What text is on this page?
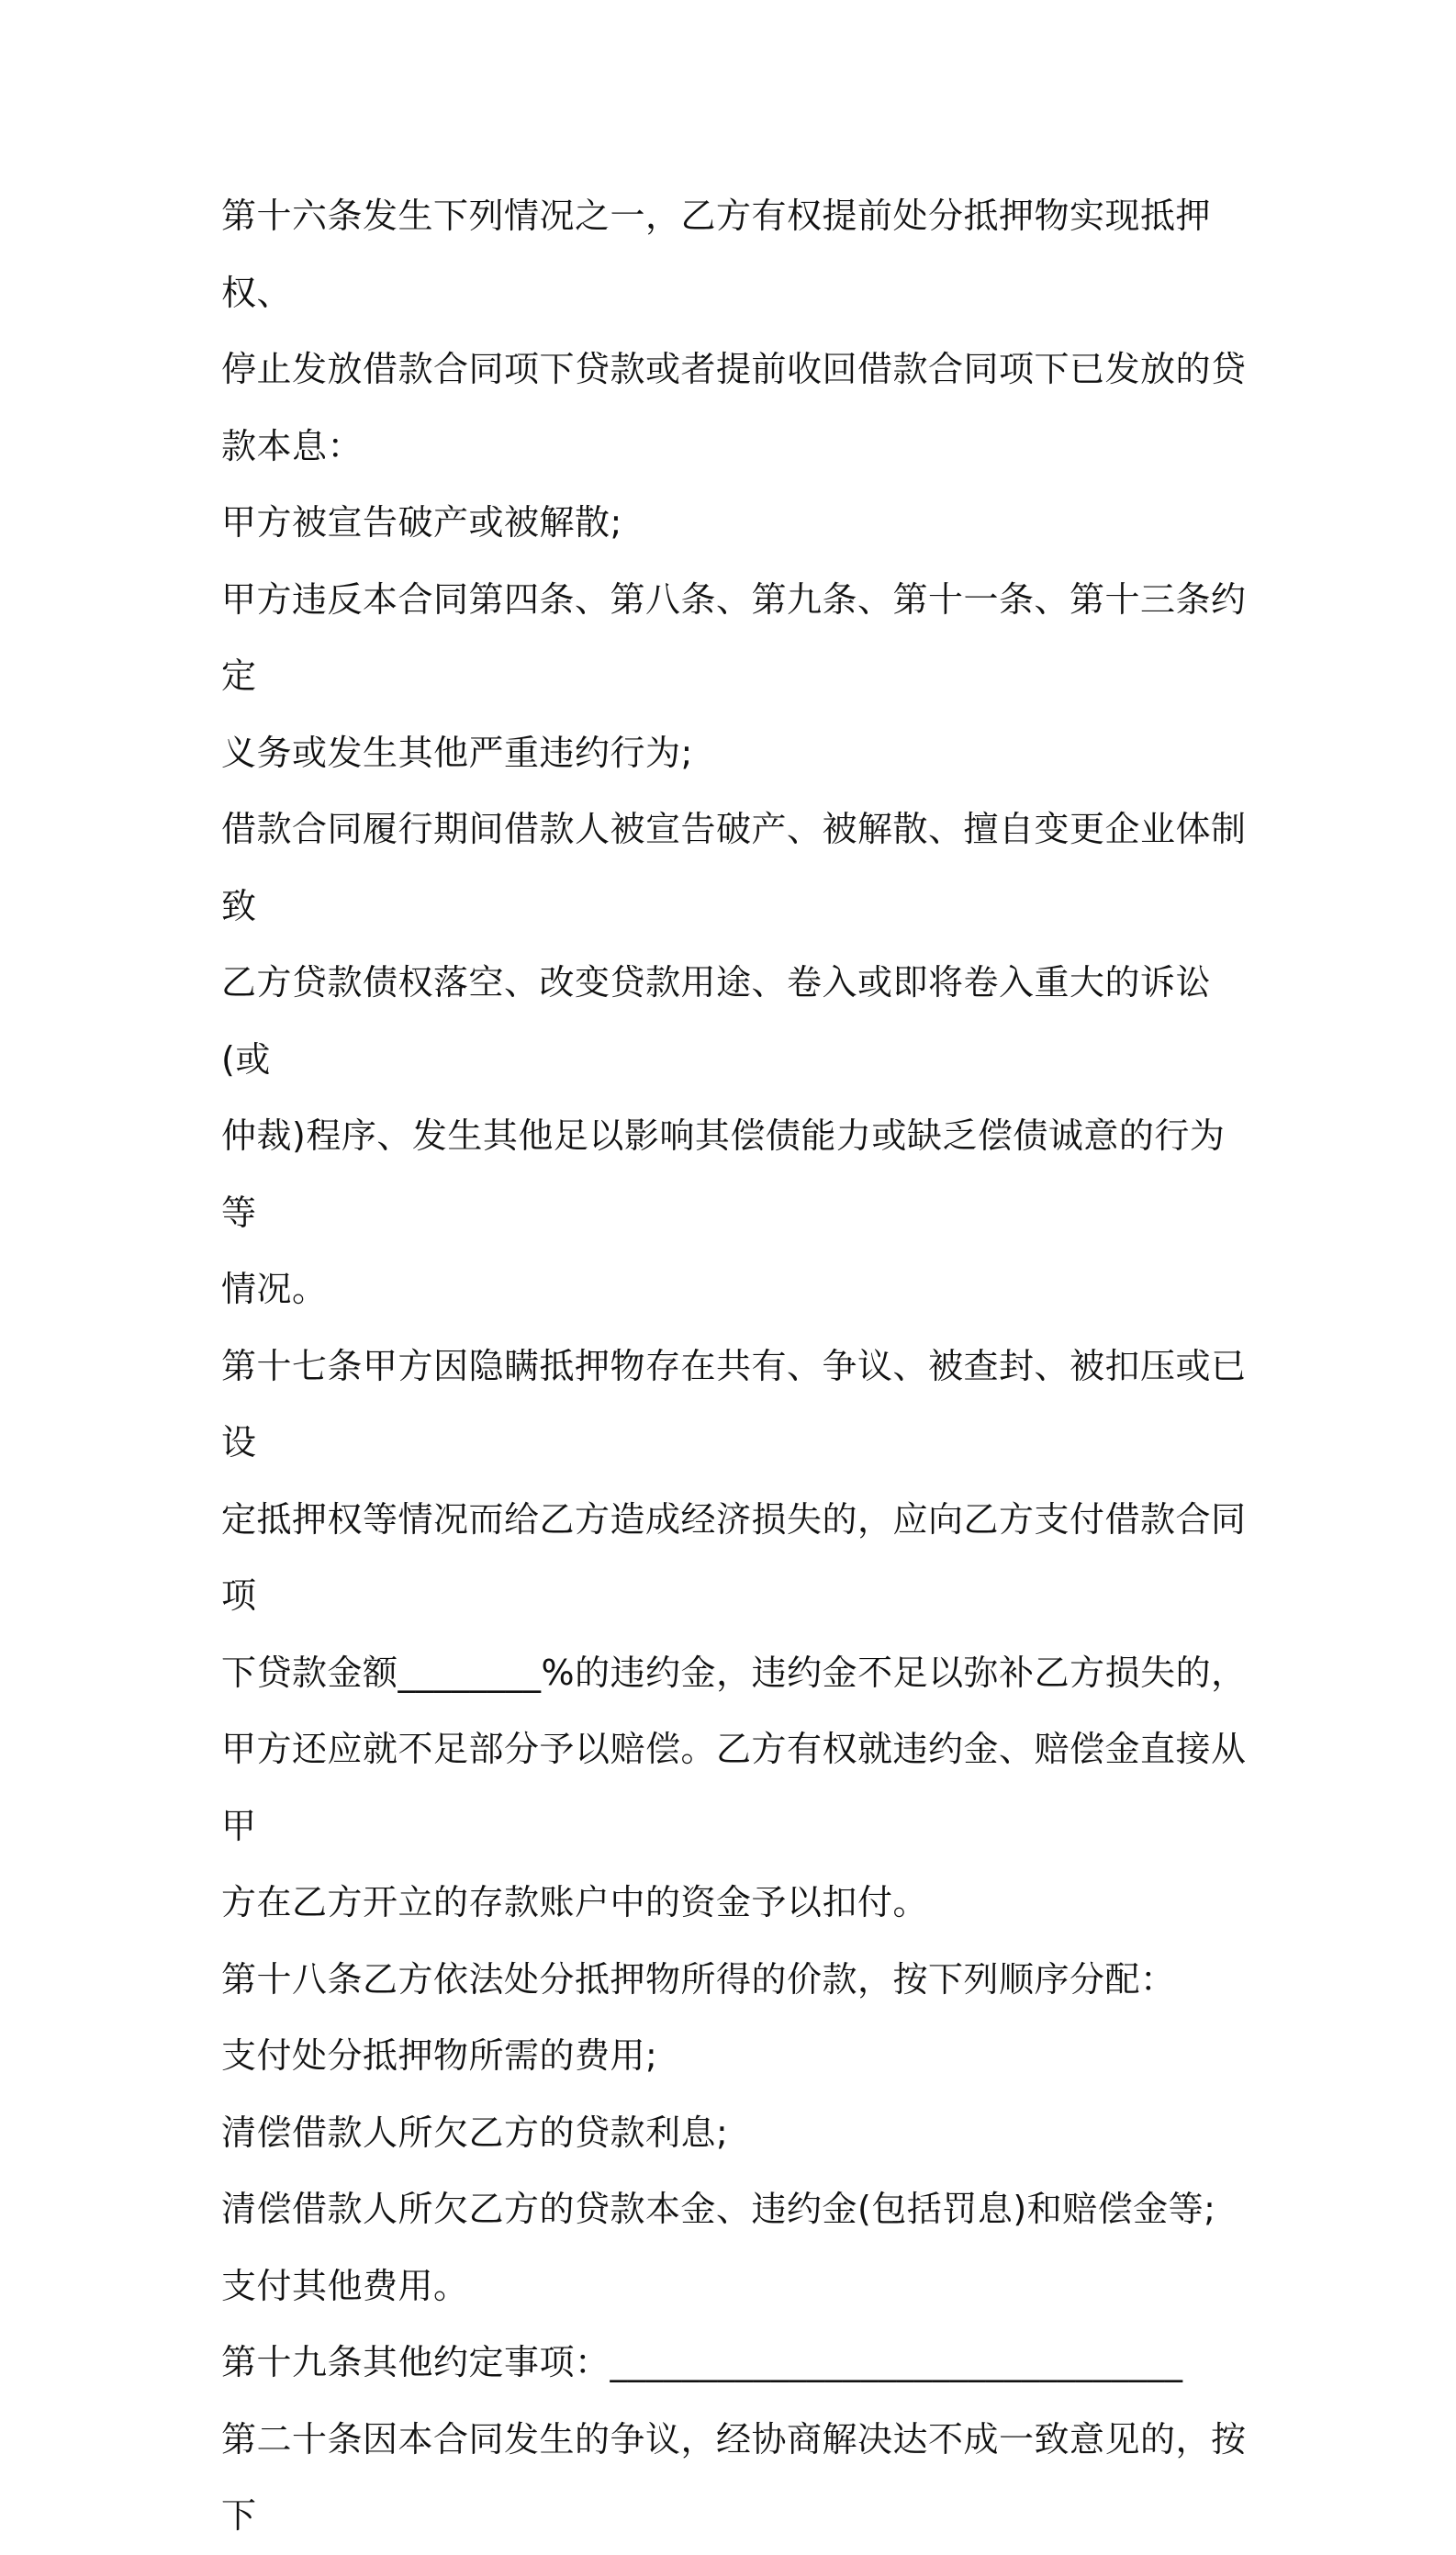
第十六条发生下列情况之一，乙方有权提前处分抵押物实现抵押权、

停止发放借款合同项下贷款或者提前收回借款合同项下已发放的贷

款本息：

甲方被宣告破产或被解散;

甲方违反本合同第四条、第八条、第九条、第十一条、第十三条约定

义务或发生其他严重违约行为;

借款合同履行期间借款人被宣告破产、被解散、擅自变更企业体制致

乙方贷款债权落空、改变贷款用途、卷入或即将卷入重大的诉讼(或

仲裁)程序、发生其他足以影响其偿债能力或缺乏偿债诚意的行为等

情况。

第十七条甲方因隐瞒抵押物存在共有、争议、被查封、被扣压或已设

定抵押权等情况而给乙方造成经济损失的，应向乙方支付借款合同项

下贷款金额________%的违约金，违约金不足以弥补乙方损失的，

甲方还应就不足部分予以赔偿。乙方有权就违约金、赔偿金直接从甲

方在乙方开立的存款账户中的资金予以扣付。

第十八条乙方依法处分抵押物所得的价款，按下列顺序分配：

支付处分抵押物所需的费用;

清偿借款人所欠乙方的贷款利息;

清偿借款人所欠乙方的贷款本金、违约金(包括罚息)和赔偿金等;

支付其他费用。

第十九条其他约定事项：________________________________

第二十条因本合同发生的争议，经协商解决达不成一致意见的，按下
